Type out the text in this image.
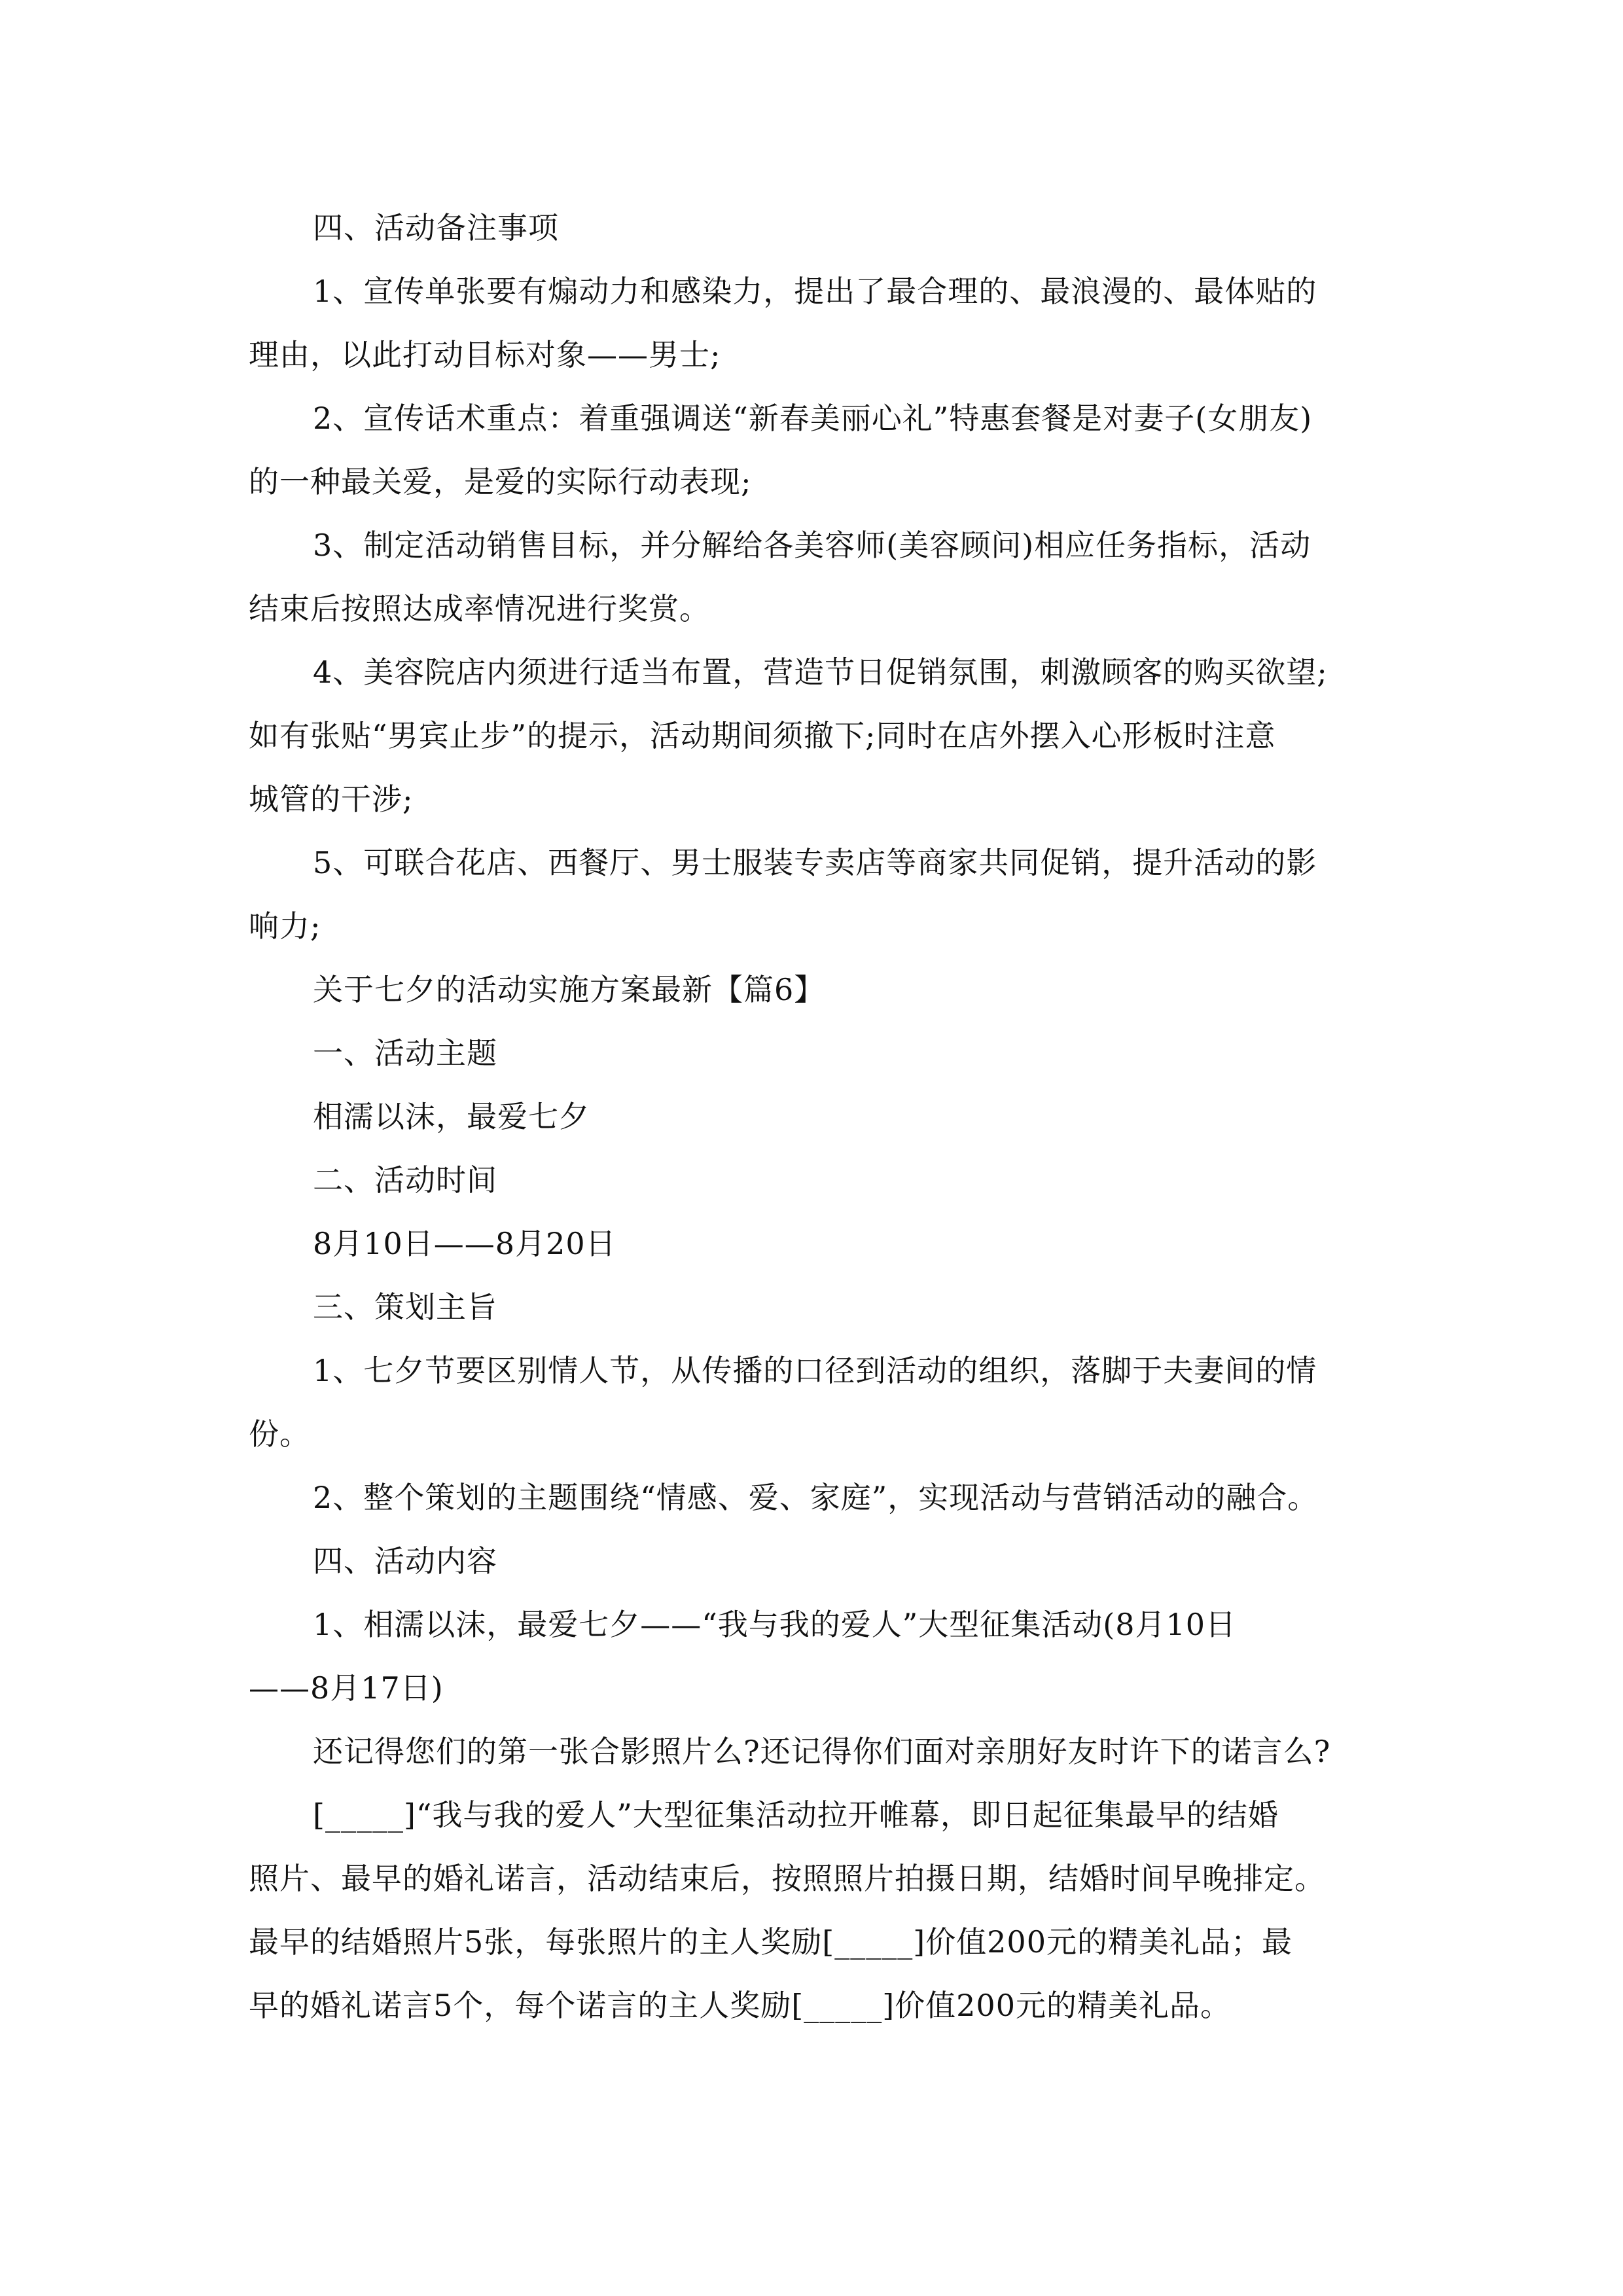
四、活动备注事项
1、宣传单张要有煽动力和感染力，提出了最合理的、最浪漫的、最体贴的
理由，以此打动目标对象——男士;
2、宣传话术重点：着重强调送“新春美丽心礼”特惠套餐是对妻子(女朋友)
的一种最关爱，是爱的实际行动表现;
3、制定活动销售目标，并分解给各美容师(美容顾问)相应任务指标，活动
结束后按照达成率情况进行奖赏。
4、美容院店内须进行适当布置，营造节日促销氛围，刺激顾客的购买欲望;
如有张贴“男宾止步”的提示，活动期间须撤下;同时在店外摆入心形板时注意
城管的干涉;
5、可联合花店、西餐厅、男士服装专卖店等商家共同促销，提升活动的影
响力;
关于七夕的活动实施方案最新【篇6】
一、活动主题
相濡以沫，最爱七夕
二、活动时间
8月10日——8月20日
三、策划主旨
1、七夕节要区别情人节，从传播的口径到活动的组织，落脚于夫妻间的情
份。
2、整个策划的主题围绕“情感、爱、家庭”，实现活动与营销活动的融合。
四、活动内容
1、相濡以沫，最爱七夕——“我与我的爱人”大型征集活动(8月10日
——8月17日)
还记得您们的第一张合影照片么?还记得你们面对亲朋好友时许下的诺言么?
[_____]“我与我的爱人”大型征集活动拉开帷幕，即日起征集最早的结婚
照片、最早的婚礼诺言，活动结束后，按照照片拍摄日期，结婚时间早晚排定。
最早的结婚照片5张，每张照片的主人奖励[_____]价值200元的精美礼品；最
早的婚礼诺言5个，每个诺言的主人奖励[_____]价值200元的精美礼品。
